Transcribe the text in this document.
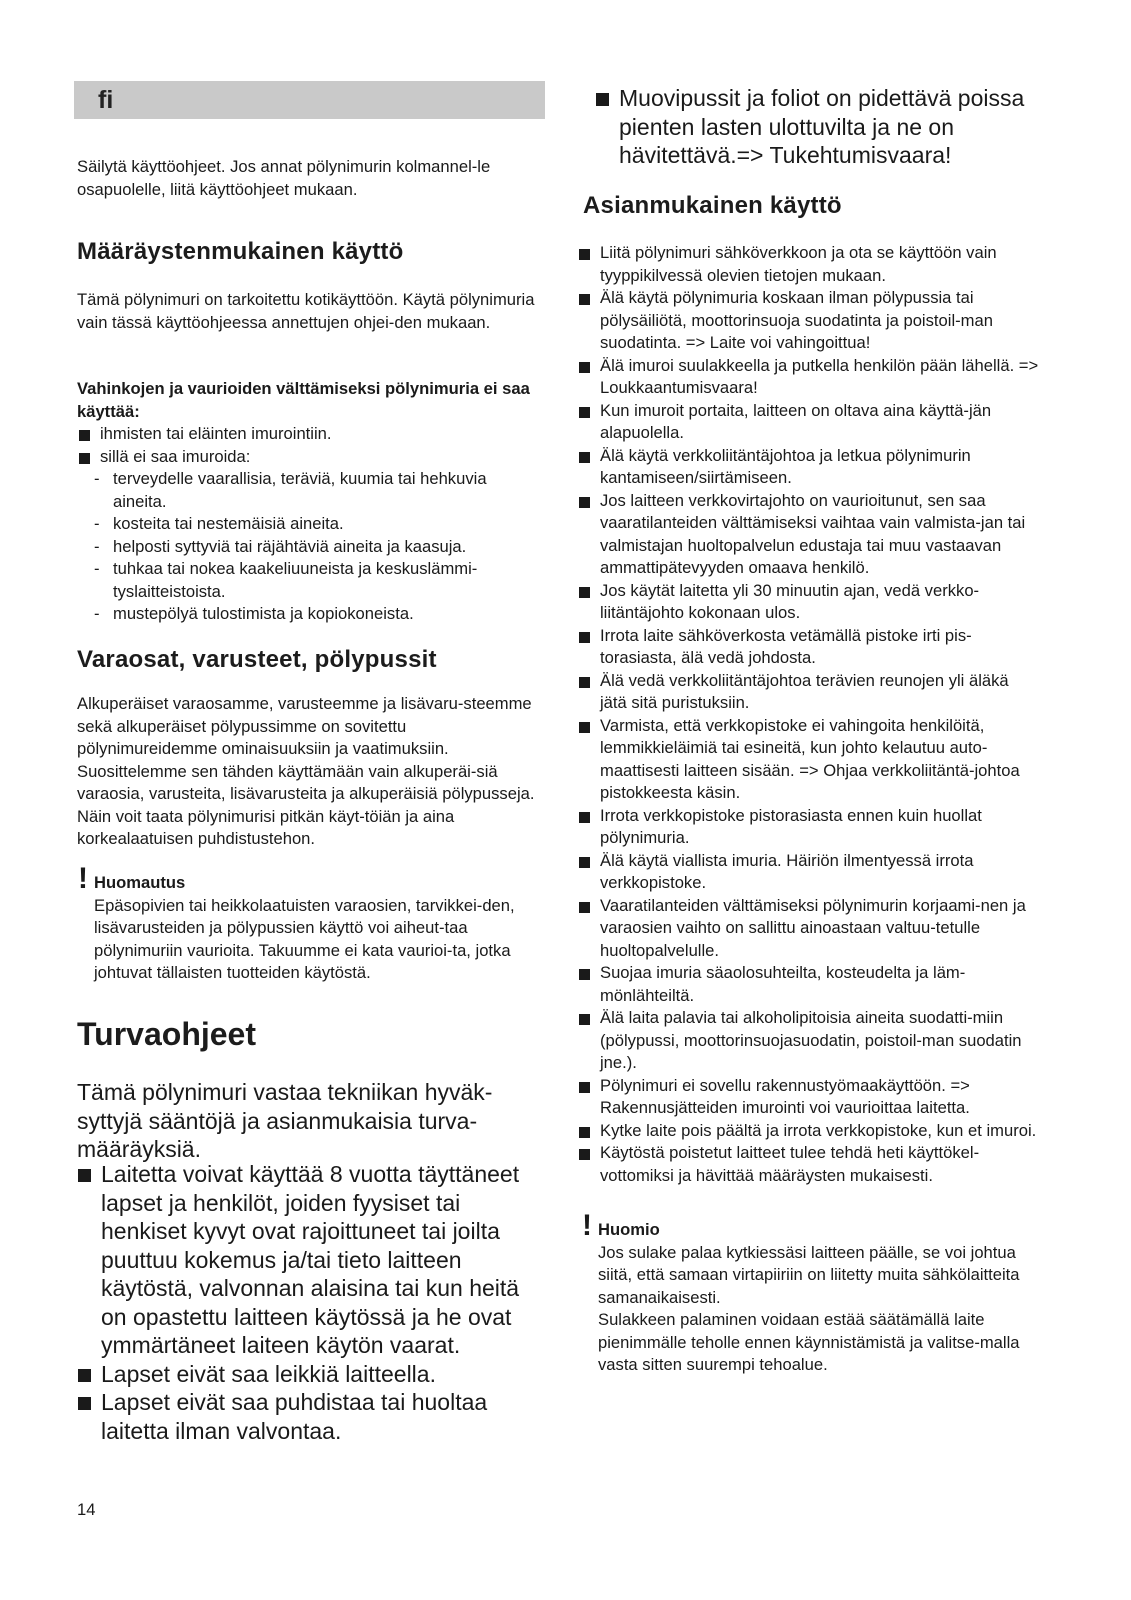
fi

Säilytä käyttöohjeet. Jos annat pölynimurin kolmannel-le osapuolelle, liitä käyttöohjeet mukaan.

Määräystenmukainen käyttö

Tämä pölynimuri on tarkoitettu kotikäyttöön. Käytä pölynimuria vain tässä käyttöohjeessa annettujen ohjei-den mukaan.

Vahinkojen ja vaurioiden välttämiseksi pölynimuria ei saa käyttää:

ihmisten tai eläinten imurointiin.
sillä ei saa imuroida:
- terveydelle vaarallisia, teräviä, kuumia tai hehkuvia aineita.
- kosteita tai nestemäisiä aineita.
- helposti syttyviä tai räjähtäviä aineita ja kaasuja.
- tuhkaa tai nokea kaakeliuuneista ja keskuslämmi-tyslaitteistoista.
- mustepölyä tulostimista ja kopiokoneista.
Varaosat, varusteet, pölypussit

Alkuperäiset varaosamme, varusteemme ja lisävaru-steemme sekä alkuperäiset pölypussimme on sovitettu pölynimureidemme ominaisuuksiin ja vaatimuksiin. Suosittelemme sen tähden käyttämään vain alkuperäi-siä varaosia, varusteita, lisävarusteita ja alkuperäisiä pölypusseja. Näin voit taata pölynimurisi pitkän käyt-töiän ja aina korkealaatuisen puhdistustehon.

! Huomautus
Epäsopivien tai heikkolaatuisten varaosien, tarvikkei-den, lisävarusteiden ja pölypussien käyttö voi aiheut-taa pölynimuriin vaurioita. Takuumme ei kata vaurioi-ta, jotka johtuvat tällaisten tuotteiden käytöstä.
Turvaohjeet

Tämä pölynimuri vastaa tekniikan hyväk-syttyjä sääntöjä ja asianmukaisia turva-määräyksiä.

Laitetta voivat käyttää 8 vuotta täyttäneet lapset ja henkilöt, joiden fyysiset tai henkiset kyvyt ovat rajoittuneet tai joilta puuttuu kokemus ja/tai tieto laitteen käytöstä, valvonnan alaisina tai kun heitä on opastettu laitteen käytössä ja he ovat ymmärtäneet laiteen käytön vaarat.
Lapset eivät saa leikkiä laitteella.
Lapset eivät saa puhdistaa tai huoltaa laitetta ilman valvontaa.
Muovipussit ja foliot on pidettävä poissa pienten lasten ulottuvilta ja ne on hävitettävä.=> Tukehtumisvaara!
Asianmukainen käyttö
Liitä pölynimuri sähköverkkoon ja ota se käyttöön vain tyyppikilvessä olevien tietojen mukaan.
Älä käytä pölynimuria koskaan ilman pölypussia tai pölysäiliötä, moottorinsuoja suodatinta ja poistoil-man suodatinta. => Laite voi vahingoittua!
Älä imuroi suulakkeella ja putkella henkilön pään lähellä. => Loukkaantumisvaara!
Kun imuroit portaita, laitteen on oltava aina käyttä-jän alapuolella.
Älä käytä verkkoliitäntäjohtoa ja letkua pölynimurin kantamiseen/siirtämiseen.
Jos laitteen verkkovirtajohto on vaurioitunut, sen saa vaaratilanteiden välttämiseksi vaihtaa vain valmista-jan tai valmistajan huoltopalvelun edustaja tai muu vastaavan ammattipätevyyden omaava henkilö.
Jos käytät laitetta yli 30 minuutin ajan, vedä verkko-liitäntäjohto kokonaan ulos.
Irrota laite sähköverkosta vetämällä pistoke irti pis-torasiasta, älä vedä johdosta.
Älä vedä verkkoliitäntäjohtoa terävien reunojen yli äläkä jätä sitä puristuksiin.
Varmista, että verkkopistoke ei vahingoita henkilöitä, lemmikkieläimiä tai esineitä, kun johto kelautuu auto-maattisesti laitteen sisään. => Ohjaa verkkoliitäntä-johtoa pistokkeesta käsin.
Irrota verkkopistoke pistorasiasta ennen kuin huollat pölynimuria.
Älä käytä viallista imuria. Häiriön ilmentyessä irrota verkkopistoke.
Vaaratilanteiden välttämiseksi pölynimurin korjaami-nen ja varaosien vaihto on sallittu ainoastaan valtuu-tetulle huoltopalvelulle.
Suojaa imuria säaolosuhteilta, kosteudelta ja läm-mönlähteiltä.
Älä laita palavia tai alkoholipitoisia aineita suodatti-miin (pölypussi, moottorinsuojasuodatin, poistoil-man suodatin jne.).
Pölynimuri ei sovellu rakennustyömaakäyttöön. => Rakennusjätteiden imurointi voi vaurioittaa laitetta.
Kytke laite pois päältä ja irrota verkkopistoke, kun et imuroi.
Käytöstä poistetut laitteet tulee tehdä heti käyttökel-vottomiksi ja hävittää määräysten mukaisesti.
! Huomio
Jos sulake palaa kytkiessäsi laitteen päälle, se voi johtua siitä, että samaan virtapiiriin on liitetty muita sähkölaitteita samanaikaisesti.
Sulakkeen palaminen voidaan estää säätämällä laite pienimmälle teholle ennen käynnistämistä ja valitse-malla vasta sitten suurempi tehoalue.
14
